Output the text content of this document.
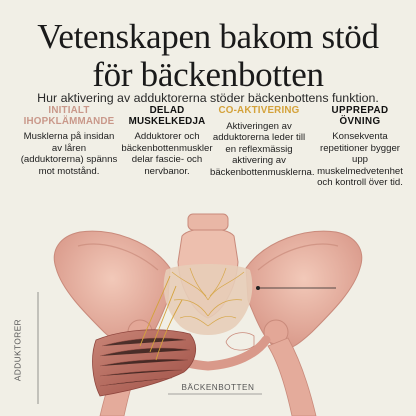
Vetenskapen bakom stöd
för bäckenbotten
Hur aktivering av adduktorerna stöder bäckenbottens funktion.
INITIALT IHOPKLÄMMANDE
Musklerna på insidan av låren (adduktorerna) spänns mot motstånd.
DELAD MUSKELKEDJA
Adduktorer och bäckenbottenmuskler delar fascie- och nervbanor.
CO-AKTIVERING
Aktiveringen av adduktorerna leder till en reflexmässig aktivering av bäckenbottenmusklerna.
UPPREPAD ÖVNING
Konsekventa repetitioner bygger upp muskelmedvetenhet och kontroll över tid.
ADDUKTORER
BÄCKENBOTTEN
